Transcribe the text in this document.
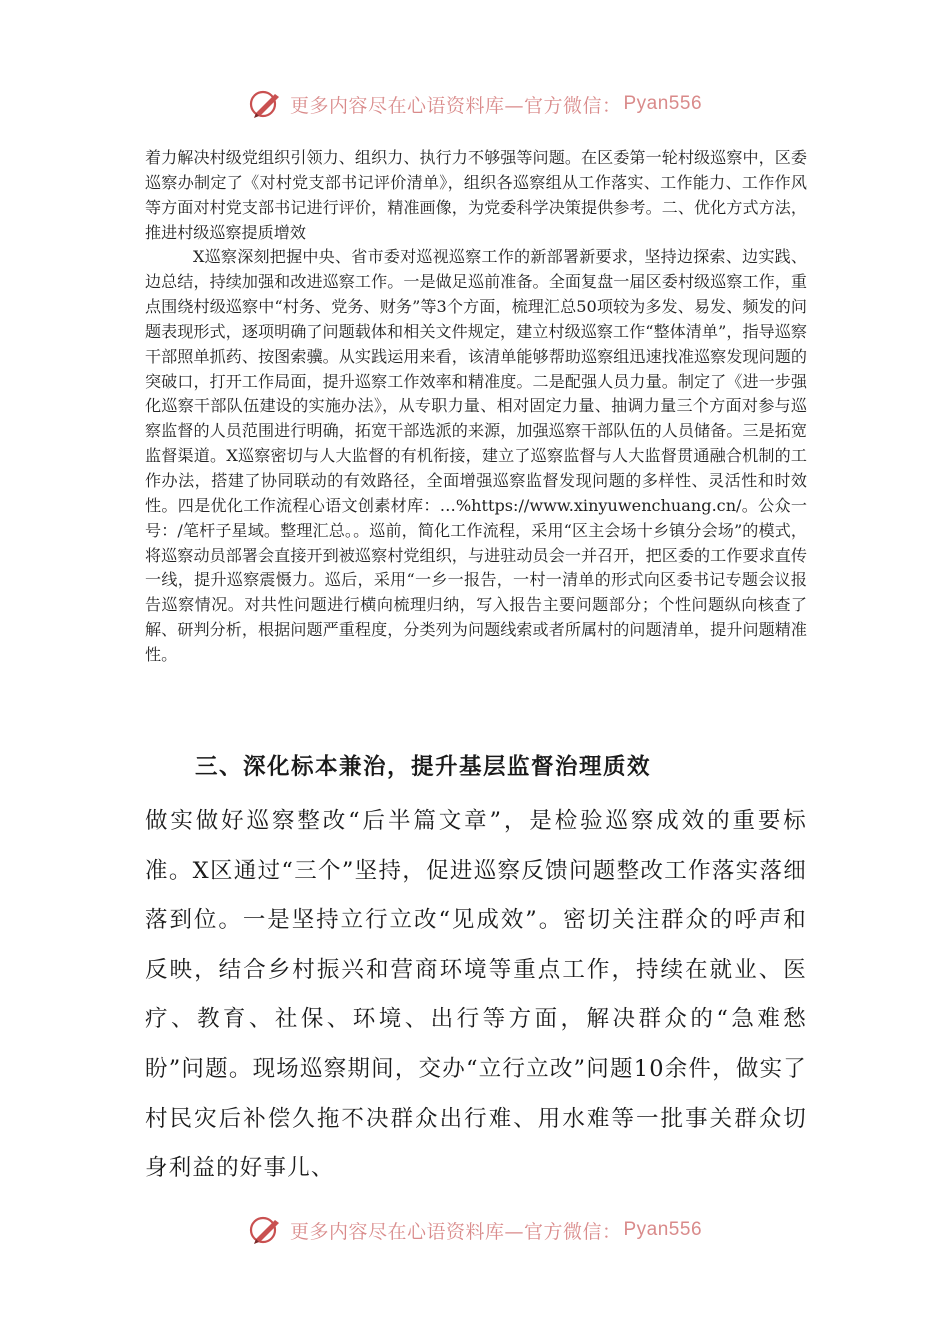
更多内容尽在心语资料库—官方微信： Pyan556

着力解决村级党组织引领力、组织力、执行力不够强等问题。在区委第一轮村级巡察中，区委巡察办制定了《对村党支部书记评价清单》，组织各巡察组从工作落实、工作能力、工作作风等方面对村党支部书记进行评价，精准画像，为党委科学决策提供参考。二、优化方式方法，推进村级巡察提质增效

X巡察深刻把握中央、省市委对巡视巡察工作的新部署新要求，坚持边探索、边实践、边总结，持续加强和改进巡察工作。一是做足巡前准备。全面复盘一届区委村级巡察工作，重点围绕村级巡察中“村务、党务、财务”等3个方面，梳理汇总50项较为多发、易发、频发的问题表现形式，逐项明确了问题载体和相关文件规定，建立村级巡察工作“整体清单”，指导巡察干部照单抓药、按图索骥。从实践运用来看，该清单能够帮助巡察组迅速找准巡察发现问题的突破口，打开工作局面，提升巡察工作效率和精准度。二是配强人员力量。制定了《进一步强化巡察干部队伍建设的实施办法》，从专职力量、相对固定力量、抽调力量三个方面对参与巡察监督的人员范围进行明确，拓宽干部选派的来源，加强巡察干部队伍的人员储备。三是拓宽监督渠道。X巡察密切与人大监督的有机衔接，建立了巡察监督与人大监督贯通融合机制的工作办法，搭建了协同联动的有效路径，全面增强巡察监督发现问题的多样性、灵活性和时效性。四是优化工作流程心语文创素材库：…%https://www.xinyuwenchuang.cn/。公众一号：/笔杆子星域。整理汇总。。巡前，简化工作流程，采用“区主会场十乡镇分会场”的模式，将巡察动员部署会直接开到被巡察村党组织，与进驻动员会一并召开，把区委的工作要求直传一线，提升巡察震慑力。巡后，采用“一乡一报告，一村一清单的形式向区委书记专题会议报告巡察情况。对共性问题进行横向梳理归纳，写入报告主要问题部分；个性问题纵向核查了解、研判分析，根据问题严重程度，分类列为问题线索或者所属村的问题清单，提升问题精准性。

三、深化标本兼治，提升基层监督治理质效

做实做好巡察整改“后半篇文章”，是检验巡察成效的重要标准。X区通过“三个”坚持，促进巡察反馈问题整改工作落实落细落到位。一是坚持立行立改“见成效”。密切关注群众的呼声和反映，结合乡村振兴和营商环境等重点工作，持续在就业、医疗、教育、社保、环境、出行等方面，解决群众的“急难愁盼”问题。现场巡察期间，交办“立行立改”问题10余件，做实了村民灾后补偿久拖不决群众出行难、用水难等一批事关群众切身利益的好事儿、

更多内容尽在心语资料库—官方微信： Pyan556
